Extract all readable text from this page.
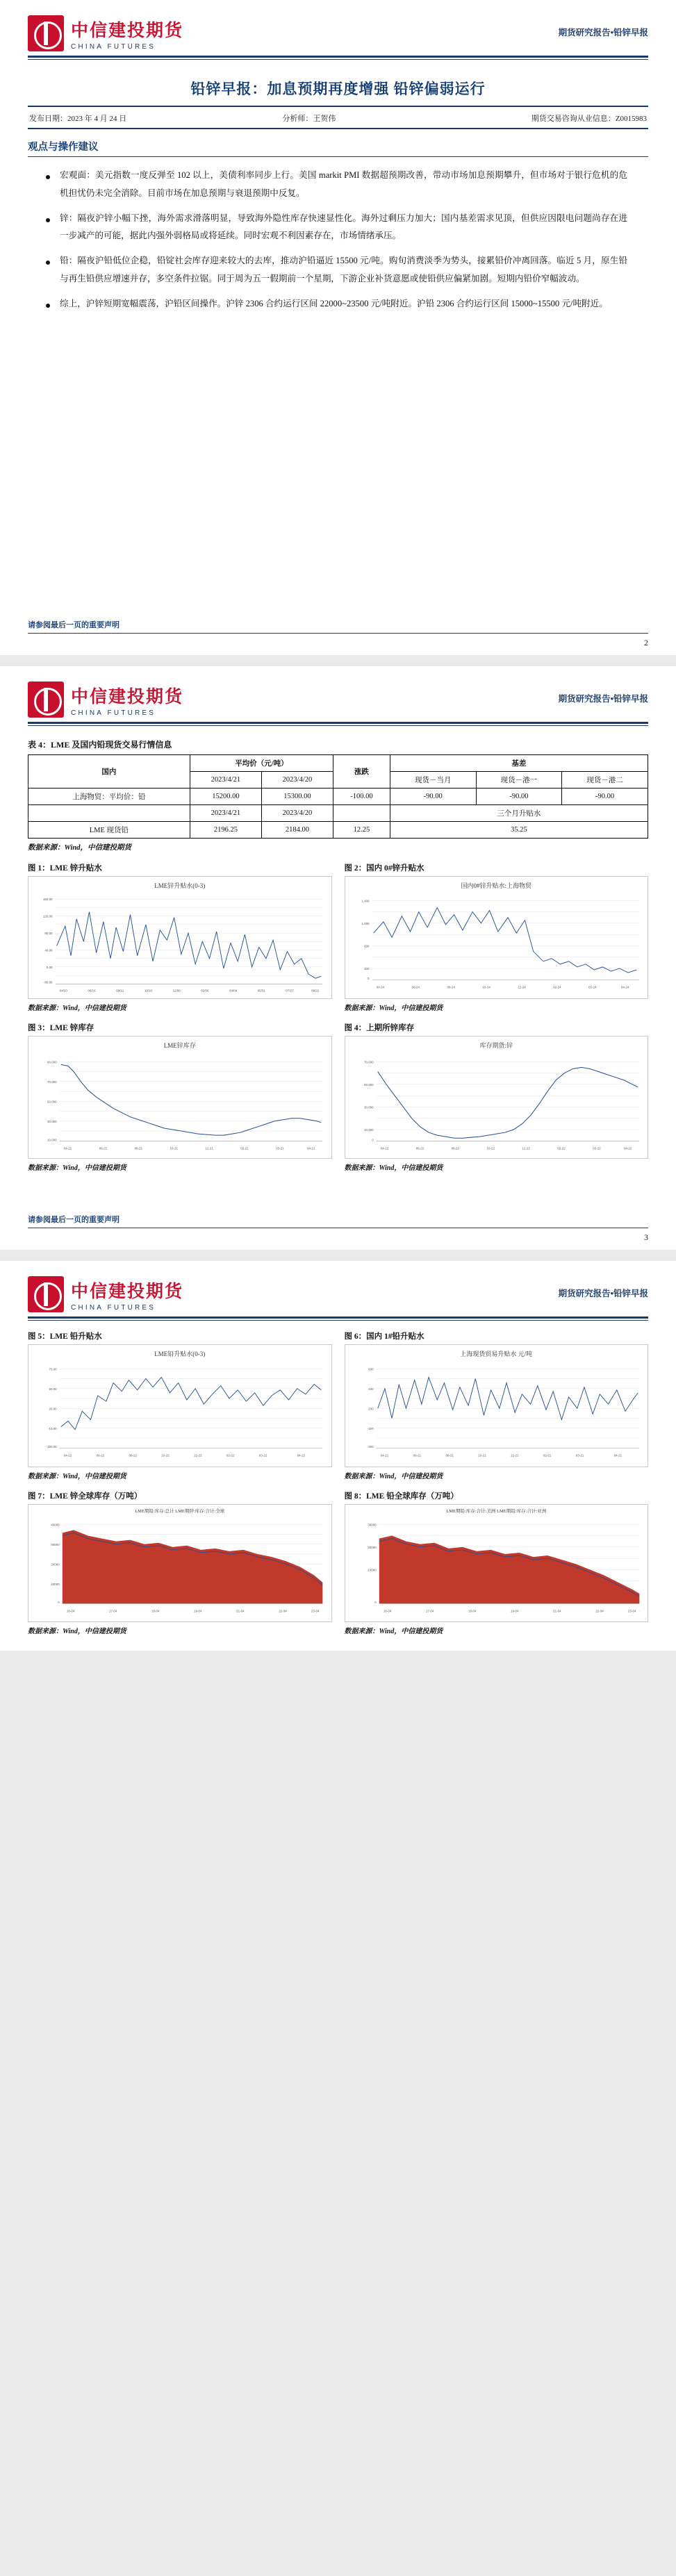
中信建投期货
CHINA FUTURES
期货研究报告•铅锌早报
铅锌早报：加息预期再度增强 铅锌偏弱运行
发布日期：2023 年 4 月 24 日	分析师：王贺伟	期货交易咨询从业信息：Z0015983
观点与操作建议
宏观面：美元指数一度反弹至 102 以上，美债利率同步上行。美国 markit PMI 数据超预期改善，带动市场加息预期攀升，但市场对于银行危机的危机担忧仍未完全消除。目前市场在加息预期与衰退预期中反复。
锌：隔夜沪锌小幅下挫，海外需求滑落明显，导致海外隐性库存快速显性化。海外过剩压力加大；国内基差需求见顶，但供应因限电问题尚存在进一步减产的可能，据此内强外弱格局或将延续。同时宏观不利因素存在，市场情绪承压。
铅：隔夜沪铅低位企稳，铅锭社会库存迎来较大的去库，推动沪铅逼近 15500 元/吨。购旬消费淡季为势头，接累铅价冲离回落。临近 5 月，原生铅与再生铅供应增速并存，多空条件拉锯。同于周为五一假期前一个星期，下游企业补货意愿或使铅供应偏紧加剧。短期内铅价窄幅波动。
综上，沪锌短期宽幅震荡，沪铅区间操作。沪锌 2306 合约运行区间 22000~23500 元/吨附近。沪铅 2306 合约运行区间 15000~15500 元/吨附近。
请参阅最后一页的重要声明
2
中信建投期货
CHINA FUTURES
期货研究报告•铅锌早报
表 4：LME 及国内铅现货交易行情信息
国内	平均价（元/吨）		涨跌	基差		
	2023/4/21	2023/4/20		现货－当月	现货－港一	现货－港二
上海物贸：平均价：铅	15200.00	15300.00	-100.00	-90.00	-90.00	-90.00
	2023/4/21	2023/4/20		三个月升贴水		
LME 现货铅	2196.25	2184.00	12.25	35.25		
数据来源：Wind，中信建投期货
图 1：LME 锌升贴水
LME锌升贴水(0-3)
160.00
120.00
80.00
40.00
0.00
-80.00
04/20	06/16	08/12	10/10	12/06	02/06	04/04	05/31	07/27	09/22
数据来源：Wind，中信建投期货
图 2：国内 0#锌升贴水
国内0#锌升贴水:上海物贸
1,400
1,000
600
200
0
04-24	06-24	08-24	10-24	12-24	02-24	03-24	04-24
数据来源：Wind，中信建投期货
图 3：LME 锌库存
LME锌库存
90,000
70,000
50,000
30,000
10,000
04-21	06-21	08-21	10-21	12-21	02-21	03-21	04-21
数据来源：Wind，中信建投期货
图 4：上期所锌库存
库存期货:锌
70,000
50,000
30,000
10,000
0
04-22	06-22	08-22	10-22	12-22	02-22	03-22	04-22
数据来源：Wind，中信建投期货
请参阅最后一页的重要声明
3
中信建投期货
CHINA FUTURES
期货研究报告•铅锌早报
图 5：LME 铅升贴水
LME铅升贴水(0-3)
70.00
50.00
20.00
-10.00
-150.00
04-22	06-22	08-22	10-22	12-22	02-22	03-22	04-22
数据来源：Wind，中信建投期货
图 6：国内 1#铅升贴水
上海现货贸易升贴水 元/吨
600
400
200
-100
-300
04-21	06-21	08-21	10-21	12-21	02-21	03-21	04-21
数据来源：Wind，中信建投期货
图 7：LME 锌全球库存（万吨）
LME期铅:库存:总计 LME期锌:库存:合计:全球
40000
30000
20000
10000
0
16-04	17-04	18-04	19-04	21-04	22-04	23-04
数据来源：Wind，中信建投期货
图 8：LME 铅全球库存（万吨）
LME期铅:库存:合计:美洲 LME期铅:库存:合计:亚洲
30000
20000
10000
0
16-04	17-04	18-04	19-04	21-04	22-04	23-04
数据来源：Wind，中信建投期货
